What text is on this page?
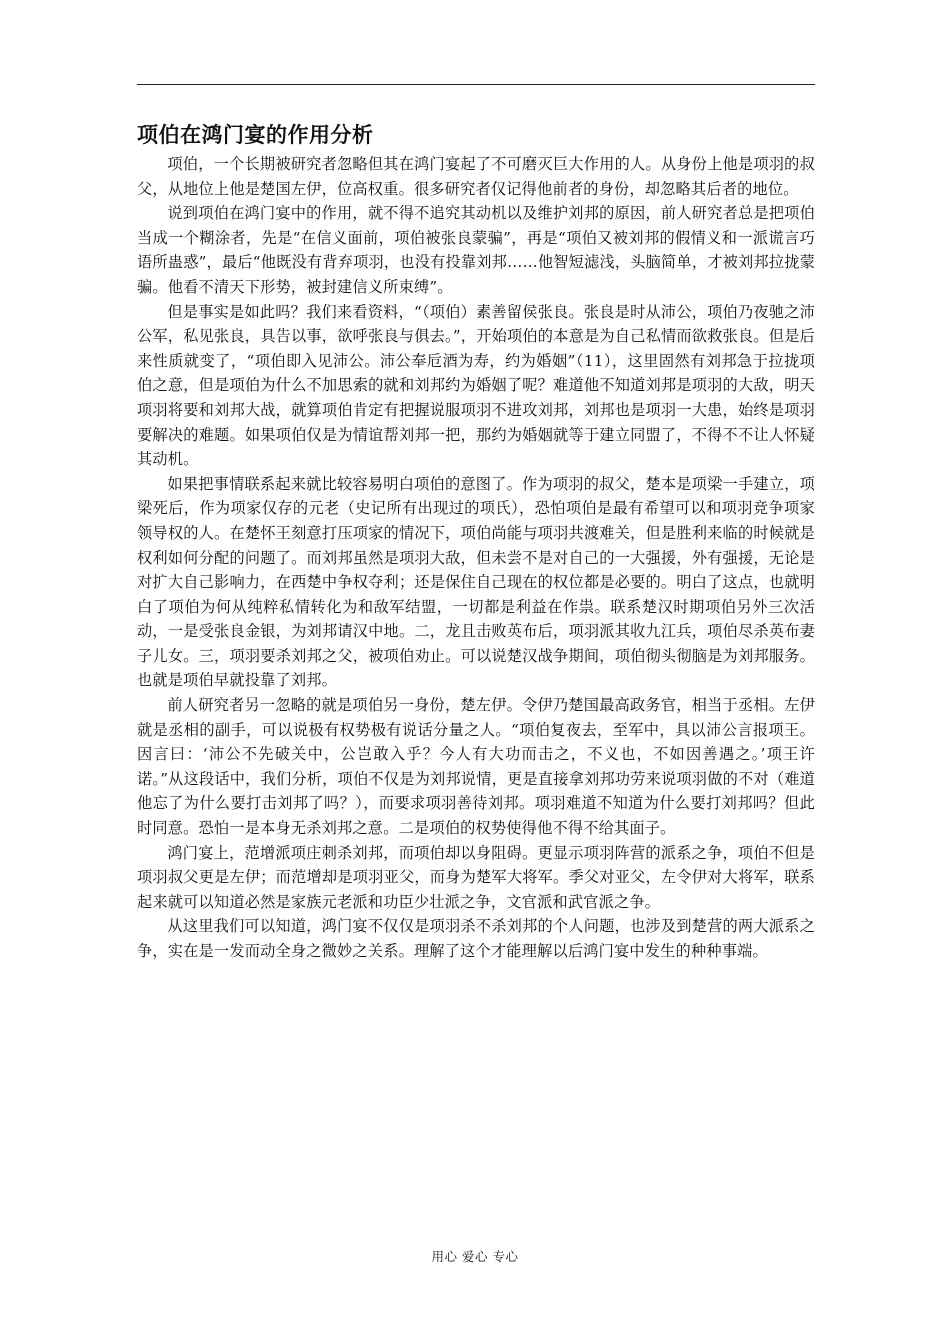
项伯在鸿门宴的作用分析

项伯，一个长期被研究者忽略但其在鸿门宴起了不可磨灭巨大作用的人。从身份上他是项羽的叔父，从地位上他是楚国左伊，位高权重。很多研究者仅记得他前者的身份，却忽略其后者的地位。

说到项伯在鸿门宴中的作用，就不得不追究其动机以及维护刘邦的原因，前人研究者总是把项伯当成一个糊涂者，先是“在信义面前，项伯被张良蒙骗”，再是“项伯又被刘邦的假情义和一派谎言巧语所蛊惑”，最后“他既没有背弃项羽，也没有投靠刘邦……他智短滤浅，头脑简单，才被刘邦拉拢蒙骗。他看不清天下形势，被封建信义所束缚”。

但是事实是如此吗？我们来看资料，“（项伯）素善留侯张良。张良是时从沛公，项伯乃夜驰之沛公军，私见张良，具告以事，欲呼张良与俱去。”，开始项伯的本意是为自己私情而欲救张良。但是后来性质就变了，“项伯即入见沛公。沛公奉卮酒为寿，约为婚姻”（11），这里固然有刘邦急于拉拢项伯之意，但是项伯为什么不加思索的就和刘邦约为婚姻了呢？难道他不知道刘邦是项羽的大敌，明天项羽将要和刘邦大战，就算项伯肯定有把握说服项羽不进攻刘邦，刘邦也是项羽一大患，始终是项羽要解决的难题。如果项伯仅是为情谊帮刘邦一把，那约为婚姻就等于建立同盟了，不得不不让人怀疑其动机。

如果把事情联系起来就比较容易明白项伯的意图了。作为项羽的叔父，楚本是项梁一手建立，项梁死后，作为项家仅存的元老（史记所有出现过的项氏），恐怕项伯是最有希望可以和项羽竞争项家领导权的人。在楚怀王刻意打压项家的情况下，项伯尚能与项羽共渡难关，但是胜利来临的时候就是权利如何分配的问题了。而刘邦虽然是项羽大敌，但未尝不是对自己的一大强援，外有强援，无论是对扩大自己影响力，在西楚中争权夺利；还是保住自己现在的权位都是必要的。明白了这点，也就明白了项伯为何从纯粹私情转化为和敌军结盟，一切都是利益在作祟。联系楚汉时期项伯另外三次活动，一是受张良金银，为刘邦请汉中地。二，龙且击败英布后，项羽派其收九江兵，项伯尽杀英布妻子儿女。三，项羽要杀刘邦之父，被项伯劝止。可以说楚汉战争期间，项伯彻头彻脑是为刘邦服务。也就是项伯早就投靠了刘邦。

前人研究者另一忽略的就是项伯另一身份，楚左伊。令伊乃楚国最高政务官，相当于丞相。左伊就是丞相的副手，可以说极有权势极有说话分量之人。“项伯复夜去，至军中，具以沛公言报项王。因言曰：‘沛公不先破关中，公岂敢入乎？今人有大功而击之，不义也，不如因善遇之。’项王许诺。”从这段话中，我们分析，项伯不仅是为刘邦说情，更是直接拿刘邦功劳来说项羽做的不对（难道他忘了为什么要打击刘邦了吗？），而要求项羽善待刘邦。项羽难道不知道为什么要打刘邦吗？但此时同意。恐怕一是本身无杀刘邦之意。二是项伯的权势使得他不得不给其面子。

鸿门宴上，范增派项庄刺杀刘邦，而项伯却以身阻碍。更显示项羽阵营的派系之争，项伯不但是项羽叔父更是左伊；而范增却是项羽亚父，而身为楚军大将军。季父对亚父，左令伊对大将军，联系起来就可以知道必然是家族元老派和功臣少壮派之争，文官派和武官派之争。

从这里我们可以知道，鸿门宴不仅仅是项羽杀不杀刘邦的个人问题，也涉及到楚营的两大派系之争，实在是一发而动全身之微妙之关系。理解了这个才能理解以后鸿门宴中发生的种种事端。

用心 爱心 专心
